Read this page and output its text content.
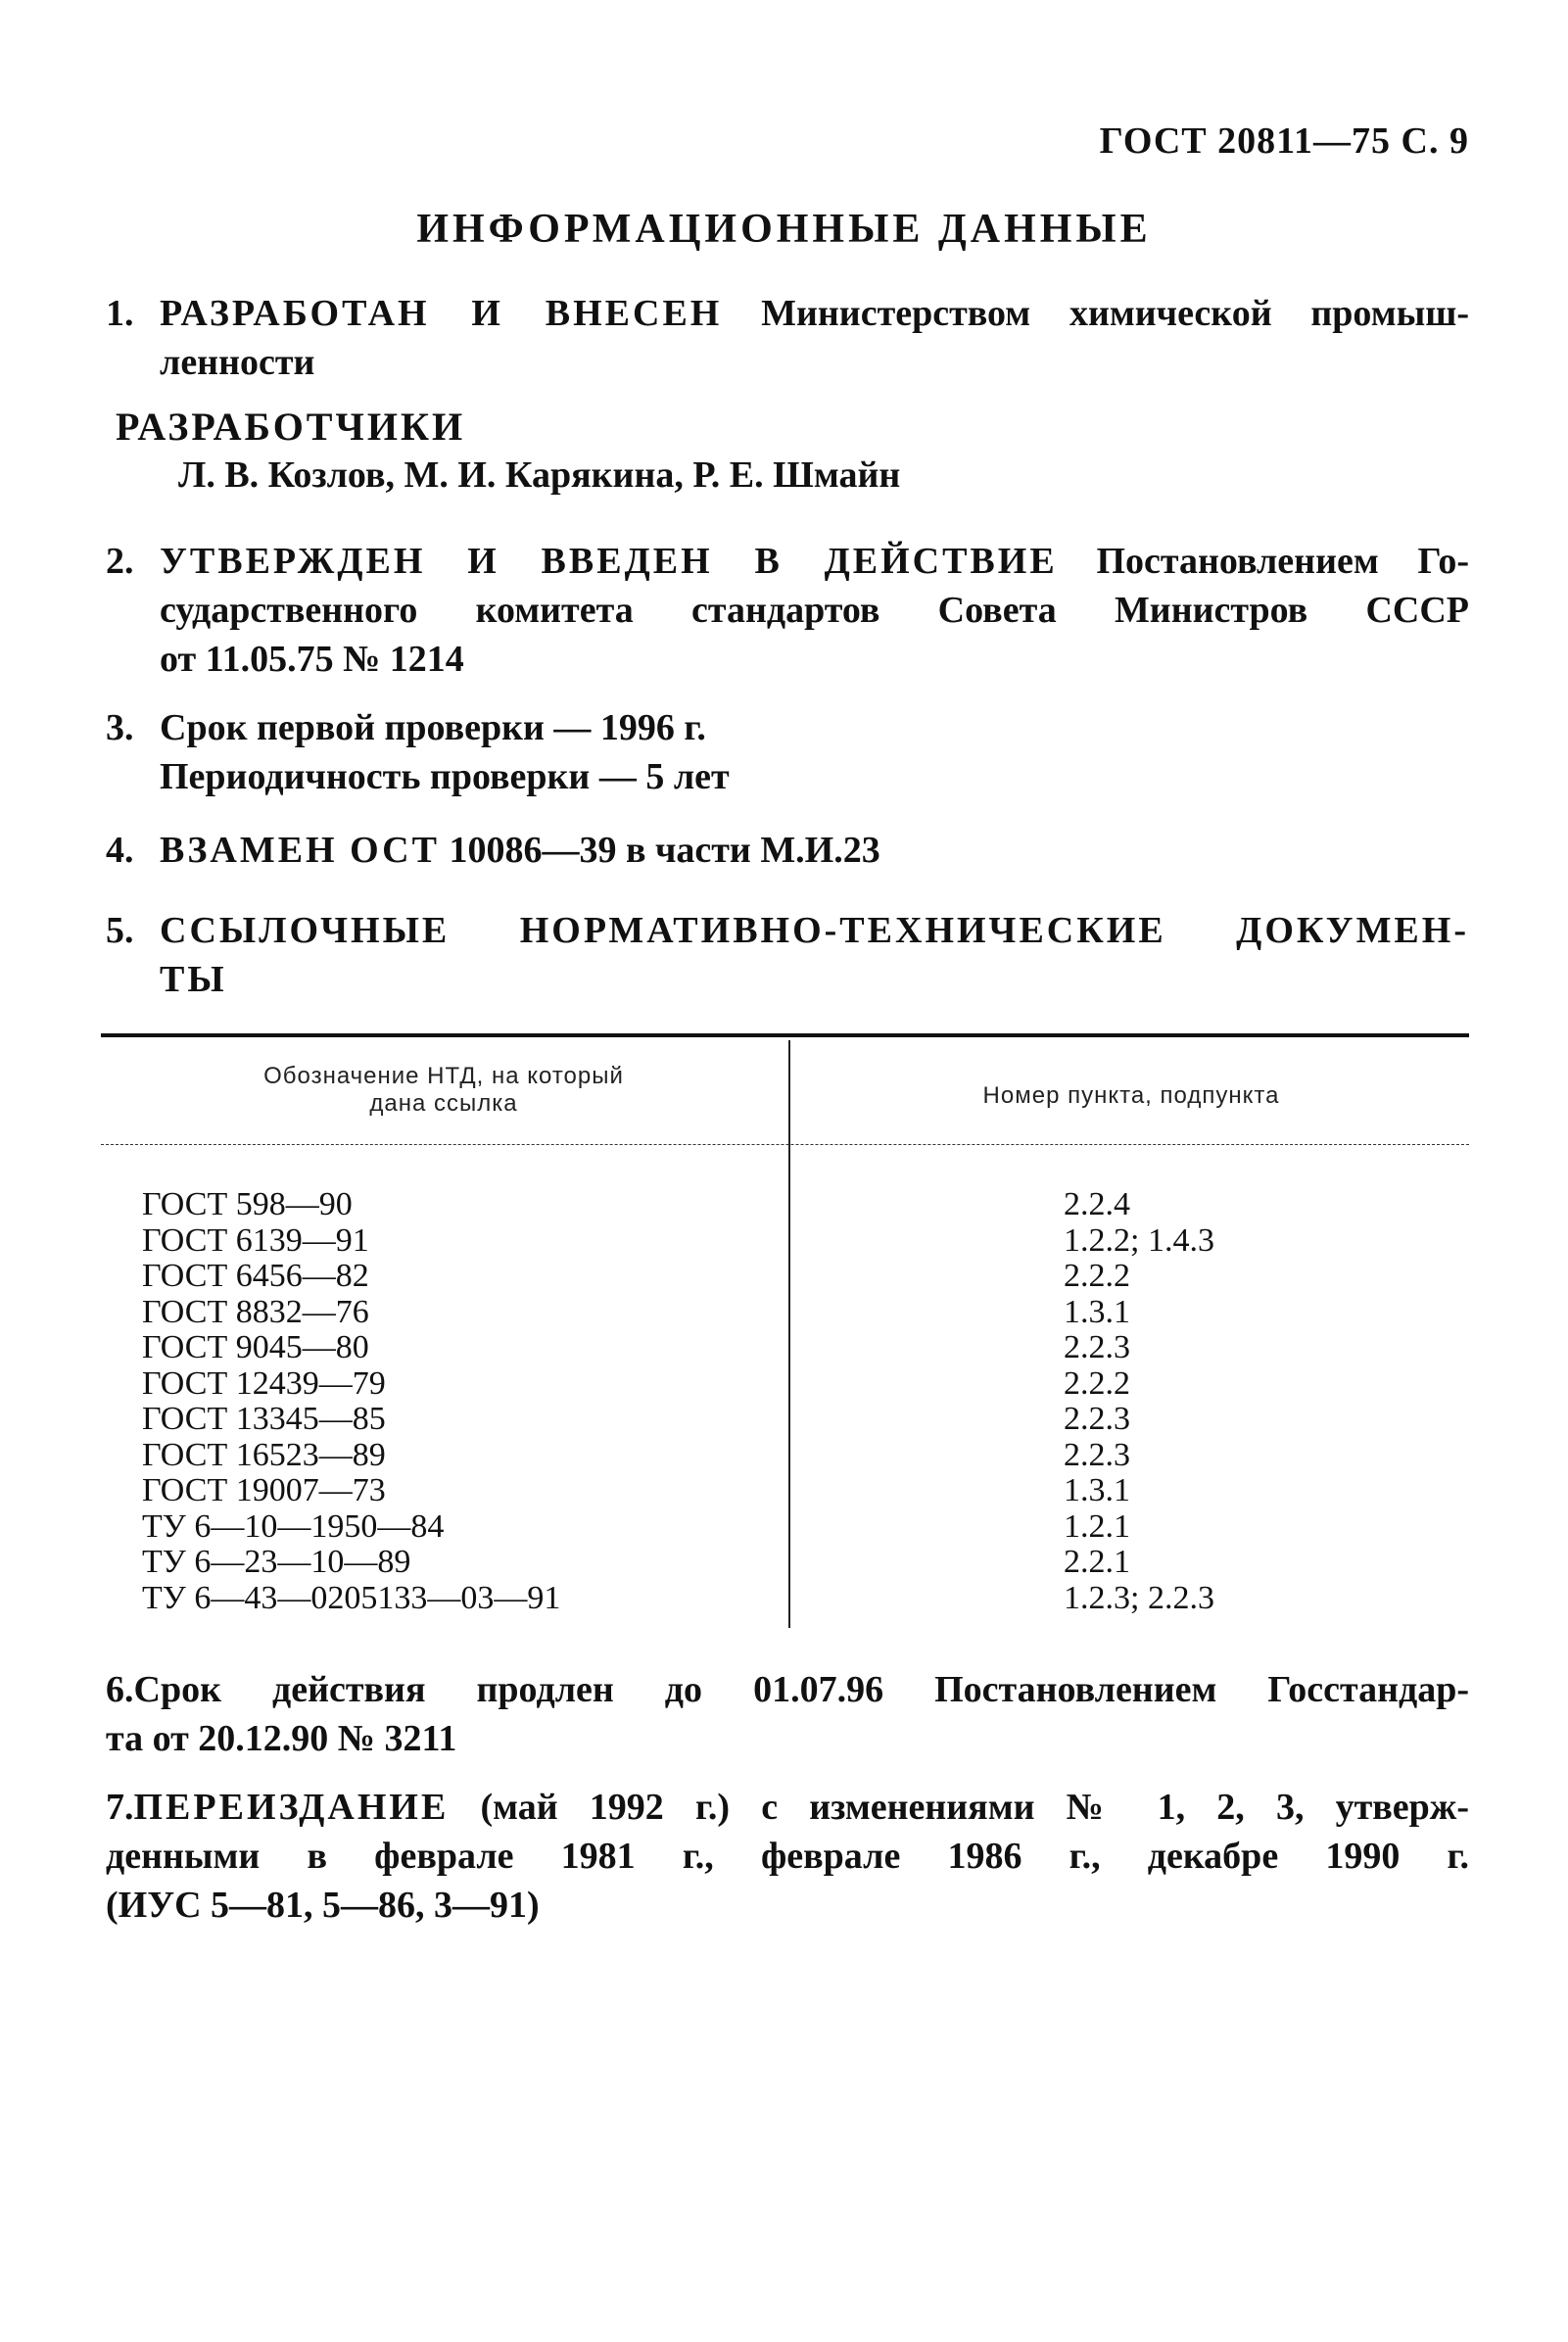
ГОСТ 20811—75 С. 9
ИНФОРМАЦИОННЫЕ ДАННЫЕ
1. РАЗРАБОТАН И ВНЕСЕН Министерством химической промыш-
ленности
РАЗРАБОТЧИКИ
Л. В. Козлов, М. И. Карякина, Р. Е. Шмайн
2. УТВЕРЖДЕН И ВВЕДЕН В ДЕЙСТВИЕ Постановлением Го-
сударственного комитета стандартов Совета Министров СССР
от 11.05.75 № 1214
3. Срок первой проверки — 1996 г.
Периодичность проверки — 5 лет
4. ВЗАМЕН ОСТ 10086—39 в части М.И.23
5. ССЫЛОЧНЫЕ НОРМАТИВНО-ТЕХНИЧЕСКИЕ ДОКУМЕН-
ТЫ
Обозначение НТД, на который
дана ссылка	Номер пункта, подпункта
ГОСТ 598—90
ГОСТ 6139—91
ГОСТ 6456—82
ГОСТ 8832—76
ГОСТ 9045—80
ГОСТ 12439—79
ГОСТ 13345—85
ГОСТ 16523—89
ГОСТ 19007—73
ТУ 6—10—1950—84
ТУ 6—23—10—89
ТУ 6—43—0205133—03—91
2.2.4
1.2.2; 1.4.3
2.2.2
1.3.1
2.2.3
2.2.2
2.2.3
2.2.3
1.3.1
1.2.1
2.2.1
1.2.3; 2.2.3
6.Срок действия продлен до 01.07.96 Постановлением Госстандар-
та от 20.12.90 № 3211
7.ПЕРЕИЗДАНИЕ (май 1992 г.) с изменениями № 1, 2, 3, утверж-
денными в феврале 1981 г., феврале 1986 г., декабре 1990 г.
(ИУС 5—81, 5—86, 3—91)
